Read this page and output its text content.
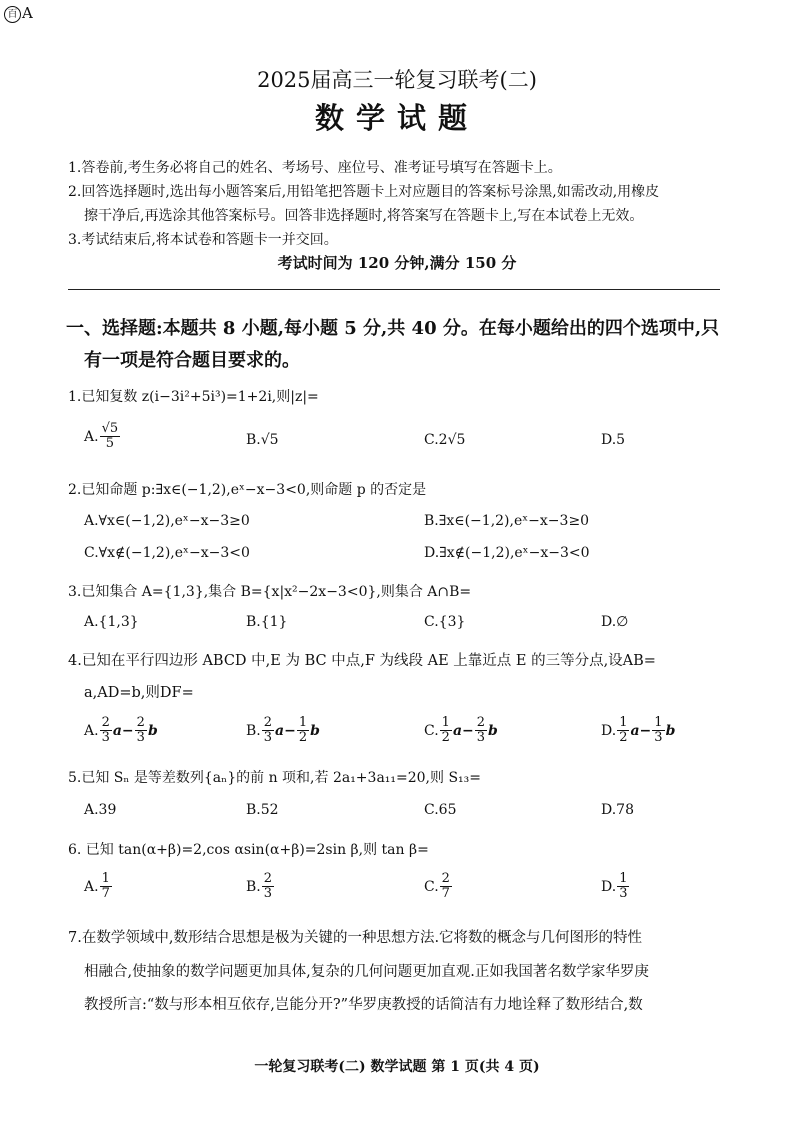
百 A
2025届高三一轮复习联考(二)
数学试题
1.答卷前,考生务必将自己的姓名、考场号、座位号、准考证号填写在答题卡上。
2.回答选择题时,选出每小题答案后,用铅笔把答题卡上对应题目的答案标号涂黑,如需改动,用橡皮
擦干净后,再选涂其他答案标号。回答非选择题时,将答案写在答题卡上,写在本试卷上无效。
3.考试结束后,将本试卷和答题卡一并交回。
考试时间为 120 分钟,满分 150 分
一、选择题:本题共 8 小题,每小题 5 分,共 40 分。在每小题给出的四个选项中,只
有一项是符合题目要求的。
1.已知复数 z(i−3i²+5i³)=1+2i,则|z|=
A. $\frac{√5}{5}$	B.√5	C.2√5	D.5
2.已知命题 p:∃x∈(−1,2),eˣ−x−3<0,则命题 p 的否定是
A.∀x∈(−1,2),eˣ−x−3≥0	B.∃x∈(−1,2),eˣ−x−3≥0
C.∀x∉(−1,2),eˣ−x−3<0	D.∃x∉(−1,2),eˣ−x−3<0
3.已知集合 A={1,3},集合 B={x|x²−2x−3<0},则集合 A∩B=
A.{1,3}	B.{1}	C.{3}	D.∅
4.已知在平行四边形 ABCD 中,E 为 BC 中点,F 为线段 AE 上靠近点 E 的三等分点,设AB=
a,AD=b,则DF=
A. $\frac{2}{3} a- \frac{2}{3}$ b	B. $\frac{2}{3} a- \frac{1}{2}$ b	C. $\frac{1}{2} a- \frac{2}{3}$ b	D. $\frac{1}{2} a- \frac{1}{3}$ b
5.已知 Sₙ 是等差数列{aₙ}的前 n 项和,若 2a₁+3a₁₁=20,则 S₁₃=
A.39	B.52	C.65	D.78
6. 已知 tan(α+β)=2,cos αsin(α+β)=2sin β,则 tan β=
A. $\frac{1}{7}$	B. $\frac{2}{3}$	C. $\frac{2}{7}$	D. $\frac{1}{3}$
7.在数学领域中,数形结合思想是极为关键的一种思想方法.它将数的概念与几何图形的特性
相融合,使抽象的数学问题更加具体,复杂的几何问题更加直观.正如我国著名数学家华罗庚
教授所言:“数与形本相互依存,岂能分开?”华罗庚教授的话简洁有力地诠释了数形结合,数
一轮复习联考(二) 数学试题 第 1 页(共 4 页)
